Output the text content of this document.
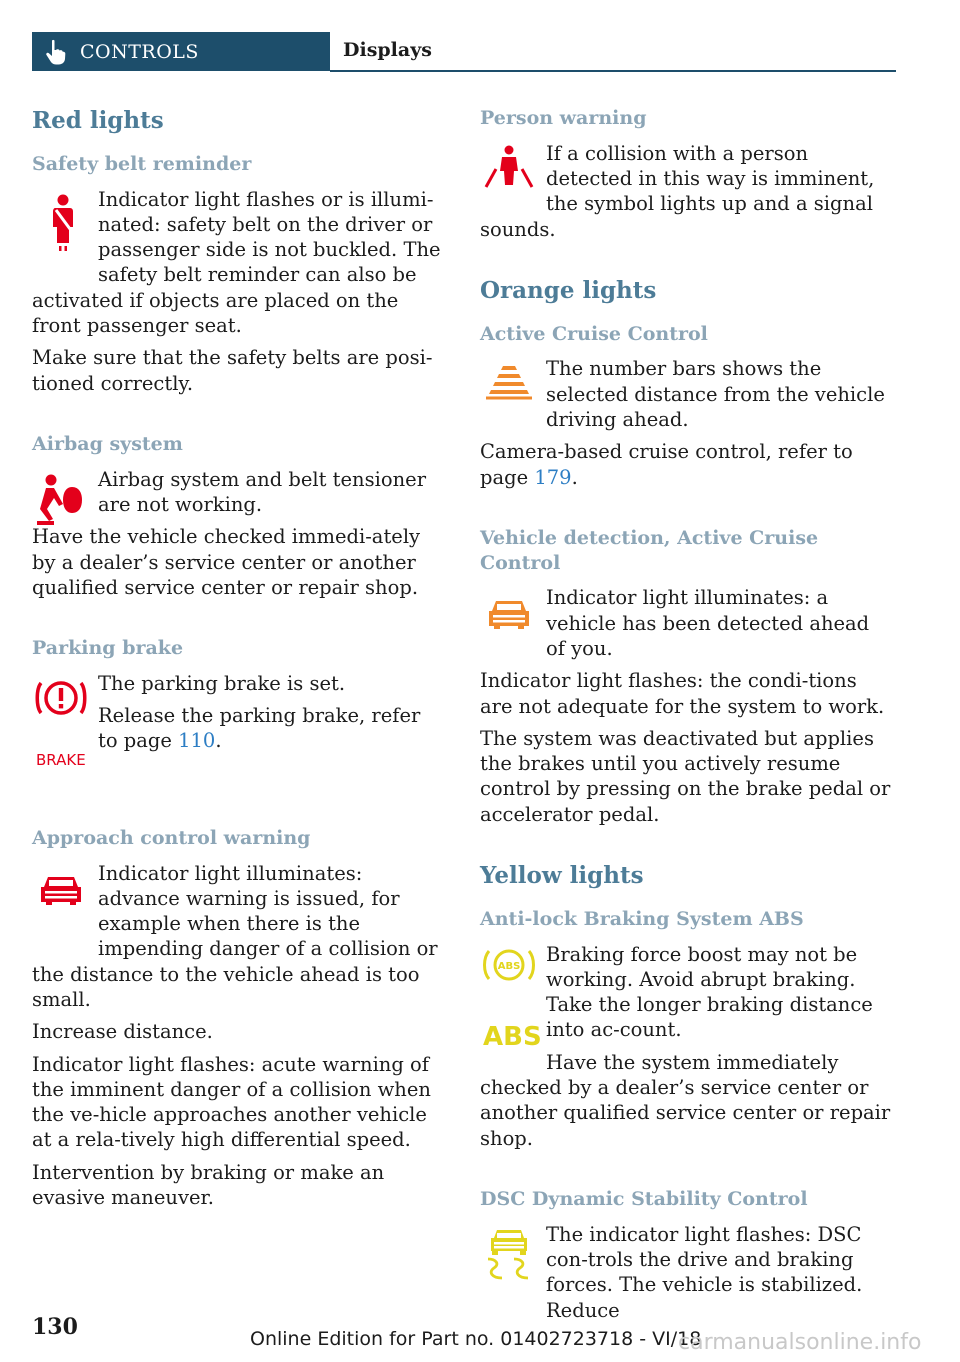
CONTROLS	Displays
Red lights
Safety belt reminder

Indicator light flashes or is illumi‐nated: safety belt on the driver or passenger side is not buckled. The safety belt reminder can also be activated if objects are placed on the front passenger seat.

Make sure that the safety belts are posi‐tioned correctly.

Airbag system

Airbag system and belt tensioner are not working.

Have the vehicle checked immedi‐ately by a dealer’s service center or another qualified service center or repair shop.

Parking brake
BRAKE

The parking brake is set.

Release the parking brake, refer to page 110.

Approach control warning

Indicator light illuminates: advance warning is issued, for example when there is the impending danger of a collision or the distance to the vehicle ahead is too small.

Increase distance.

Indicator light flashes: acute warning of the imminent danger of a collision when the ve‐hicle approaches another vehicle at a rela‐tively high differential speed.

Intervention by braking or make an evasive maneuver.

Person warning

If a collision with a person detected in this way is imminent, the symbol lights up and a signal sounds.

Orange lights
Active Cruise Control

The number bars shows the selected distance from the vehicle driving ahead.

Camera-based cruise control, refer to page 179.

Vehicle detection, Active Cruise Control

Indicator light illuminates: a vehicle has been detected ahead of you.

Indicator light flashes: the condi‐tions are not adequate for the system to work.

The system was deactivated but applies the brakes until you actively resume control by pressing on the brake pedal or accelerator pedal.

Yellow lights
Anti-lock Braking System ABS
ABS
ABS

Braking force boost may not be working. Avoid abrupt braking. Take the longer braking distance into ac‐count.

Have the system immediately checked by a dealer’s service center or another qualified service center or repair shop.

DSC Dynamic Stability Control

The indicator light flashes: DSC con‐trols the drive and braking forces. The vehicle is stabilized. Reduce

130	Online Edition for Part no. 01402723718 - VI/18
carmanualsonline.info
